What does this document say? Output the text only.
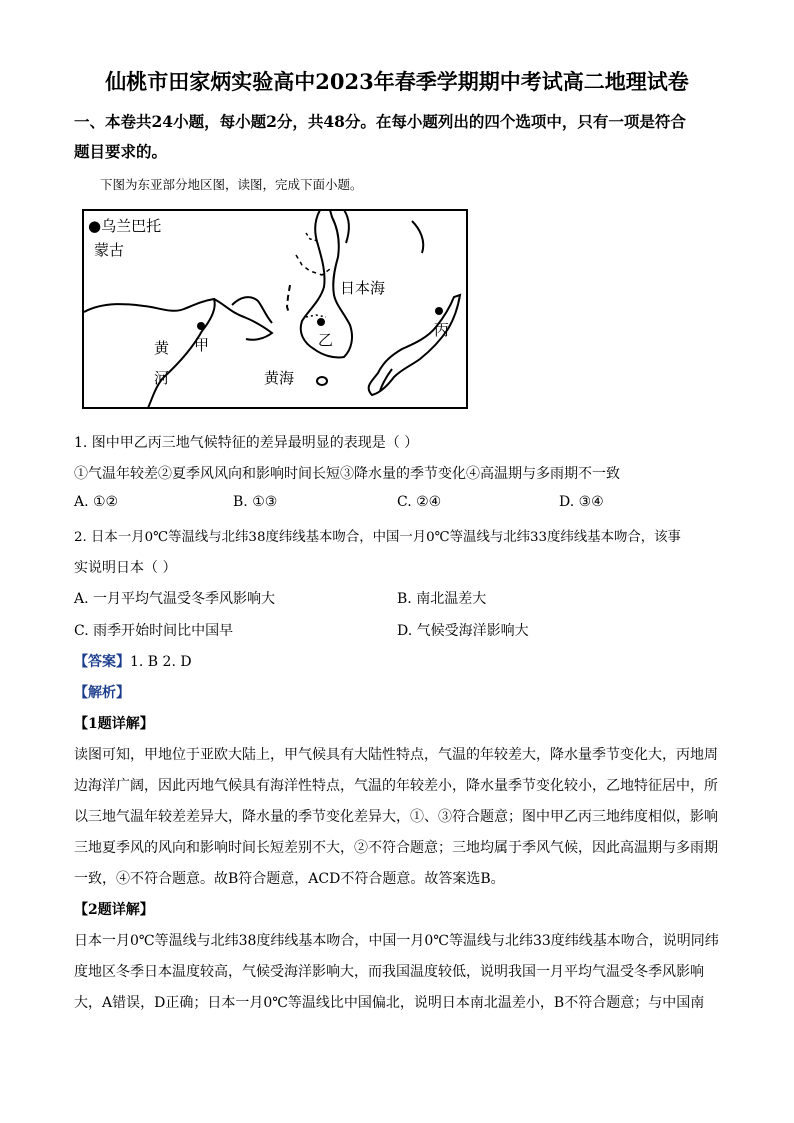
仙桃市田家炳实验高中2023年春季学期期中考试高二地理试卷
一、本卷共24小题，每小题2分，共48分。在每小题列出的四个选项中，只有一项是符合
题目要求的。
下图为东亚部分地区图，读图，完成下面小题。
●乌兰巴托
蒙古
日本海
丙
甲	乙
黄
河	黄海
1. 图中甲乙丙三地气候特征的差异最明显的表现是（ ）
①气温年较差②夏季风风向和影响时间长短③降水量的季节变化④高温期与多雨期不一致
A. ①②	B. ①③	C. ②④	D. ③④
2. 日本一月0℃等温线与北纬38度纬线基本吻合，中国一月0℃等温线与北纬33度纬线基本吻合，该事
实说明日本（ ）
A. 一月平均气温受冬季风影响大	B. 南北温差大
C. 雨季开始时间比中国早	D. 气候受海洋影响大
【答案】1. B 2. D
【解析】
【1题详解】
读图可知，甲地位于亚欧大陆上，甲气候具有大陆性特点，气温的年较差大，降水量季节变化大，丙地周
边海洋广阔，因此丙地气候具有海洋性特点，气温的年较差小，降水量季节变化较小，乙地特征居中，所
以三地气温年较差差异大，降水量的季节变化差异大，①、③符合题意；图中甲乙丙三地纬度相似，影响
三地夏季风的风向和影响时间长短差别不大，②不符合题意；三地均属于季风气候，因此高温期与多雨期
一致，④不符合题意。故B符合题意，ACD不符合题意。故答案选B。
【2题详解】
日本一月0℃等温线与北纬38度纬线基本吻合，中国一月0℃等温线与北纬33度纬线基本吻合，说明同纬
度地区冬季日本温度较高，气候受海洋影响大，而我国温度较低，说明我国一月平均气温受冬季风影响
大，A错误，D正确；日本一月0℃等温线比中国偏北，说明日本南北温差小，B不符合题意；与中国南
